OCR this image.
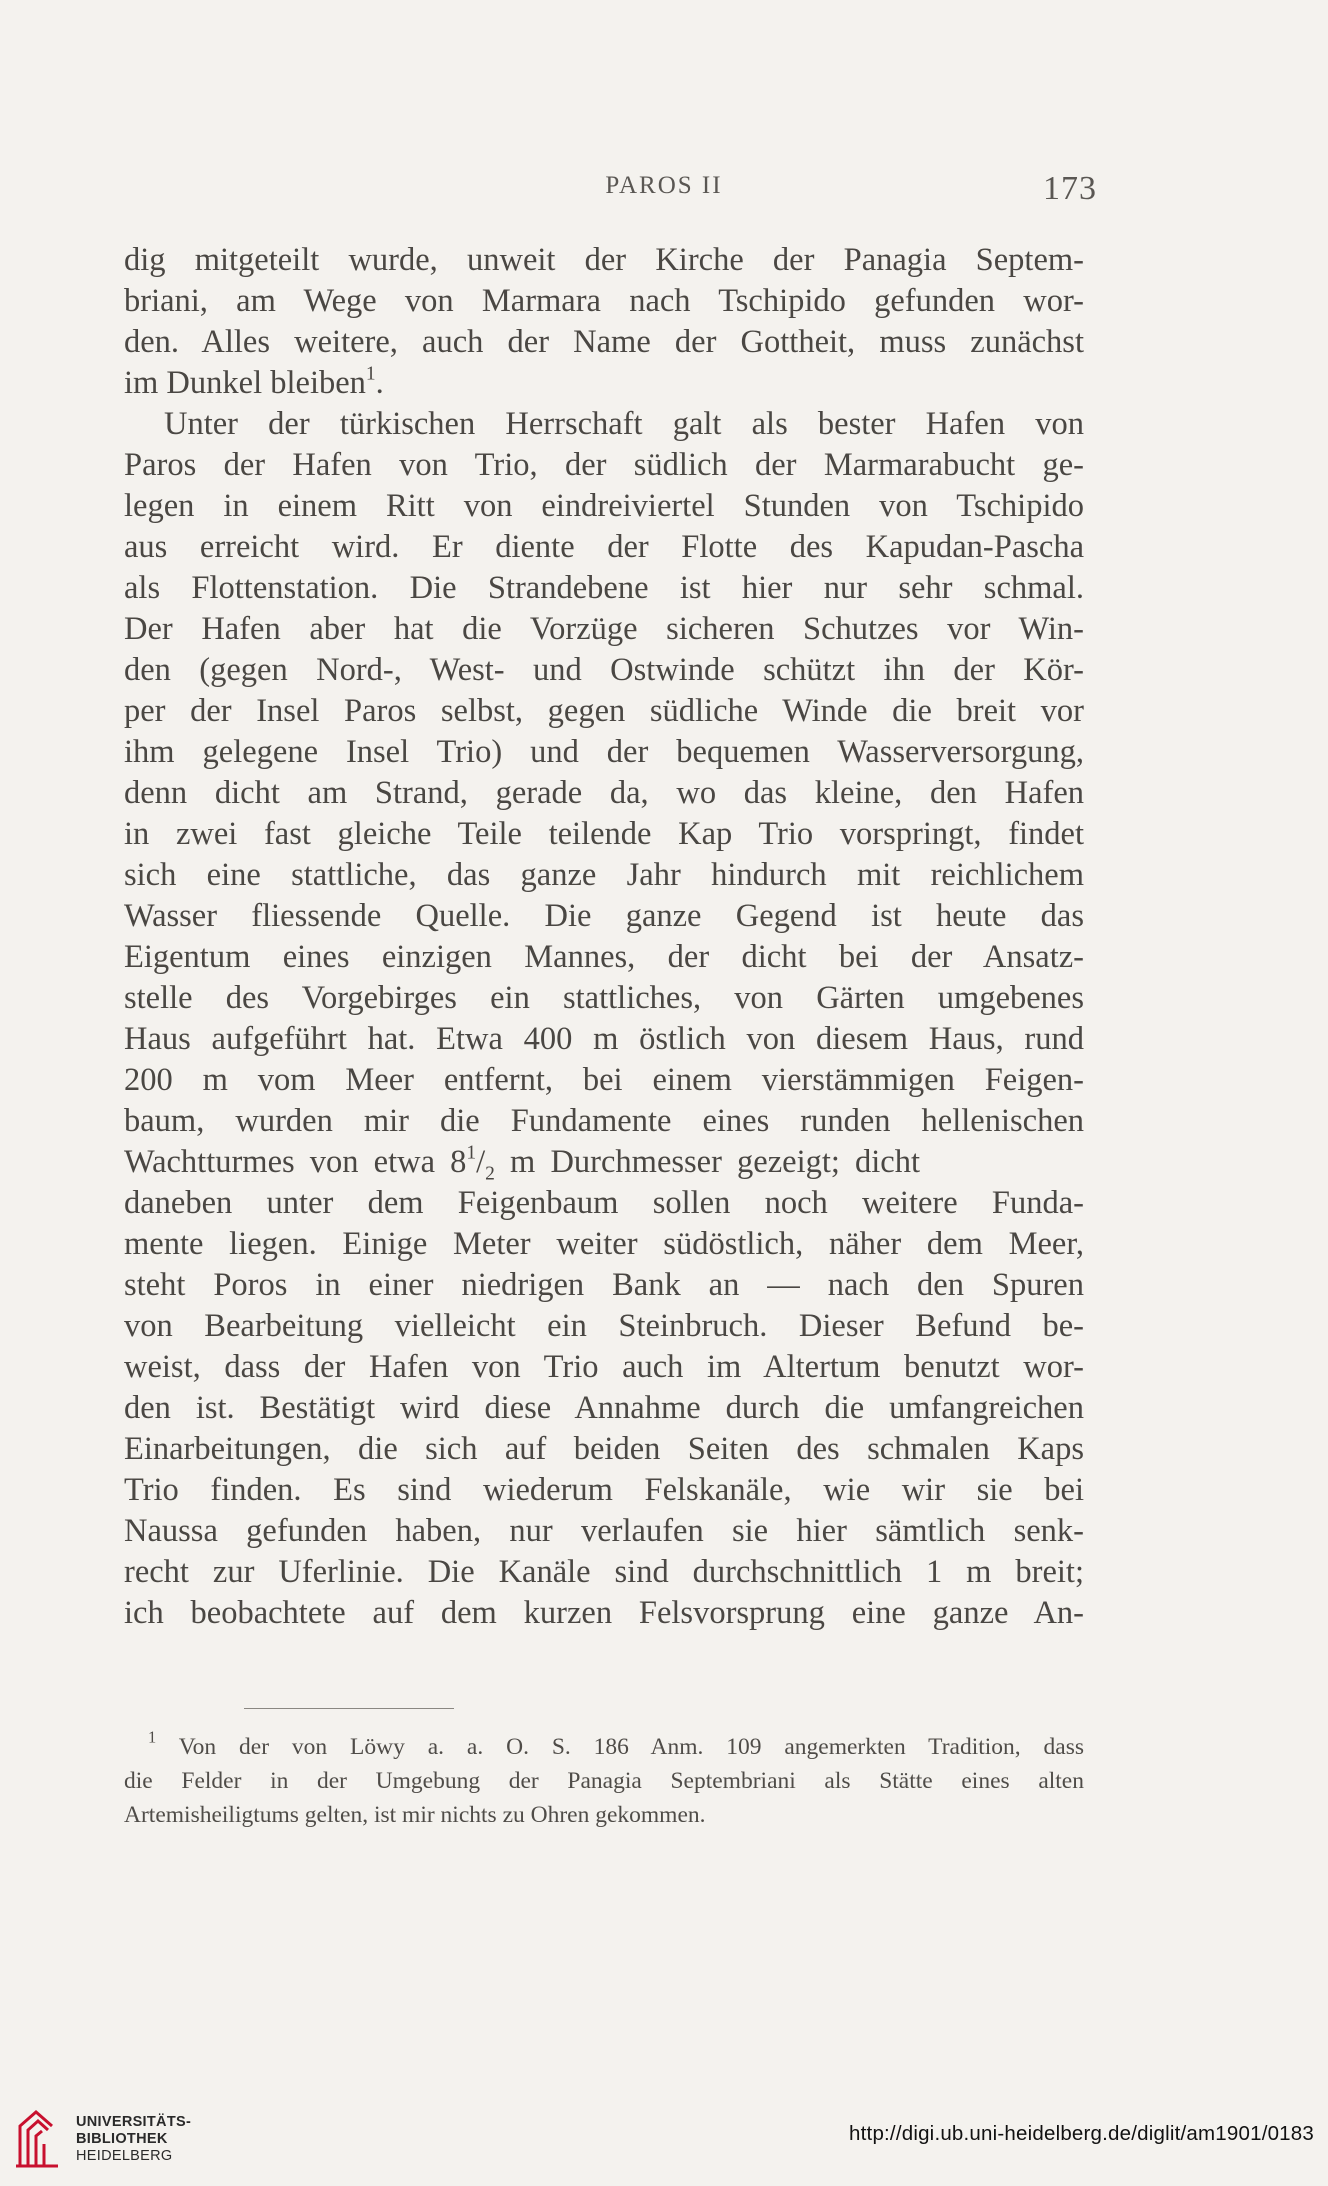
PAROS II	173
dig mitgeteilt wurde, unweit der Kirche der Panagia Septem-
briani, am Wege von Marmara nach Tschipido gefunden wor-
den. Alles weitere, auch der Name der Gottheit, muss zunächst
im Dunkel bleiben$^1$.
Unter der türkischen Herrschaft galt als bester Hafen von
Paros der Hafen von Trio, der südlich der Marmarabucht ge-
legen in einem Ritt von eindreiviertel Stunden von Tschipido
aus erreicht wird. Er diente der Flotte des Kapudan-Pascha
als Flottenstation. Die Strandebene ist hier nur sehr schmal.
Der Hafen aber hat die Vorzüge sicheren Schutzes vor Win-
den (gegen Nord-, West- und Ostwinde schützt ihn der Kör-
per der Insel Paros selbst, gegen südliche Winde die breit vor
ihm gelegene Insel Trio) und der bequemen Wasserversorgung,
denn dicht am Strand, gerade da, wo das kleine, den Hafen
in zwei fast gleiche Teile teilende Kap Trio vorspringt, findet
sich eine stattliche, das ganze Jahr hindurch mit reichlichem
Wasser fliessende Quelle. Die ganze Gegend ist heute das
Eigentum eines einzigen Mannes, der dicht bei der Ansatz-
stelle des Vorgebirges ein stattliches, von Gärten umgebenes
Haus aufgeführt hat. Etwa 400 m östlich von diesem Haus, rund
200 m vom Meer entfernt, bei einem vierstämmigen Feigen-
baum, wurden mir die Fundamente eines runden hellenischen
Wachtturmes von etwa $8^1/_2$ m Durchmesser gezeigt; dicht
daneben unter dem Feigenbaum sollen noch weitere Funda-
mente liegen. Einige Meter weiter südöstlich, näher dem Meer,
steht Poros in einer niedrigen Bank an — nach den Spuren
von Bearbeitung vielleicht ein Steinbruch. Dieser Befund be-
weist, dass der Hafen von Trio auch im Altertum benutzt wor-
den ist. Bestätigt wird diese Annahme durch die umfangreichen
Einarbeitungen, die sich auf beiden Seiten des schmalen Kaps
Trio finden. Es sind wiederum Felskanäle, wie wir sie bei
Naussa gefunden haben, nur verlaufen sie hier sämtlich senk-
recht zur Uferlinie. Die Kanäle sind durchschnittlich 1 m breit;
ich beobachtete auf dem kurzen Felsvorsprung eine ganze An-
$^1$ Von der von Löwy a. a. O. S. 186 Anm. 109 angemerkten Tradition, dass
die Felder in der Umgebung der Panagia Septembriani als Stätte eines alten
Artemisheiligtums gelten, ist mir nichts zu Ohren gekommen.
UNIVERSITÄTS-
BIBLIOTHEK
HEIDELBERG
http://digi.ub.uni-heidelberg.de/diglit/am1901/0183
